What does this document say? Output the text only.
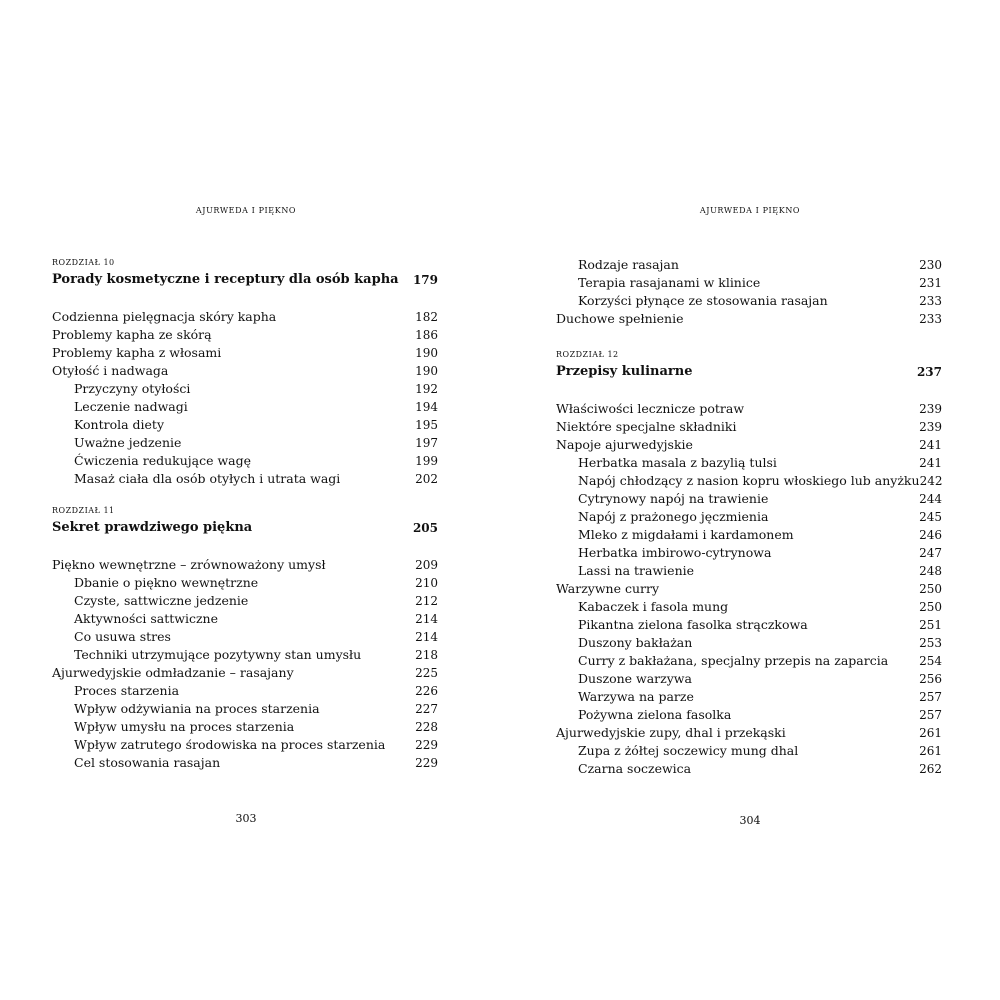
AJURWEDA I PIĘKNO
ROZDZIAŁ 10
Porady kosmetyczne i receptury dla osób kapha 179
Codzienna pielęgnacja skóry kapha	182
Problemy kapha ze skórą	186
Problemy kapha z włosami	190
Otyłość i nadwaga	190
Przyczyny otyłości	192
Leczenie nadwagi	194
Kontrola diety	195
Uważne jedzenie	197
Ćwiczenia redukujące wagę	199
Masaż ciała dla osób otyłych i utrata wagi	202
ROZDZIAŁ 11
Sekret prawdziwego piękna	205
Piękno wewnętrzne – zrównoważony umysł	209
Dbanie o piękno wewnętrzne	210
Czyste, sattwiczne jedzenie	212
Aktywności sattwiczne	214
Co usuwa stres	214
Techniki utrzymujące pozytywny stan umysłu	218
Ajurwedyjskie odmładzanie – rasajany	225
Proces starzenia	226
Wpływ odżywiania na proces starzenia	227
Wpływ umysłu na proces starzenia	228
Wpływ zatrutego środowiska na proces starzenia 229
Cel stosowania rasajan	229
303
Rodzaje rasajan	230
Terapia rasajanami w klinice	231
Korzyści płynące ze stosowania rasajan	233
Duchowe spełnienie	233
ROZDZIAŁ 12
Przepisy kulinarne	237
Właściwości lecznicze potraw	239
Niektóre specjalne składniki	239
Napoje ajurwedyjskie	241
Herbatka masala z bazylią tulsi	241
Napój chłodzący z nasion kopru włoskiego lub anyżku 242
Cytrynowy napój na trawienie	244
Napój z prażonego jęczmienia	245
Mleko z migdałami i kardamonem	246
Herbatka imbirowo-cytrynowa	247
Lassi na trawienie	248
Warzywne curry	250
Kabaczek i fasola mung	250
Pikantna zielona fasolka strączkowa	251
Duszony bakłażan	253
Curry z bakłażana, specjalny przepis na zaparcia	254
Duszone warzywa	256
Warzywa na parze	257
Pożywna zielona fasolka	257
Ajurwedyjskie zupy, dhal i przekąski	261
Zupa z żółtej soczewicy mung dhal	261
Czarna soczewica	262
304
AJURWEDA I PIĘKNO
